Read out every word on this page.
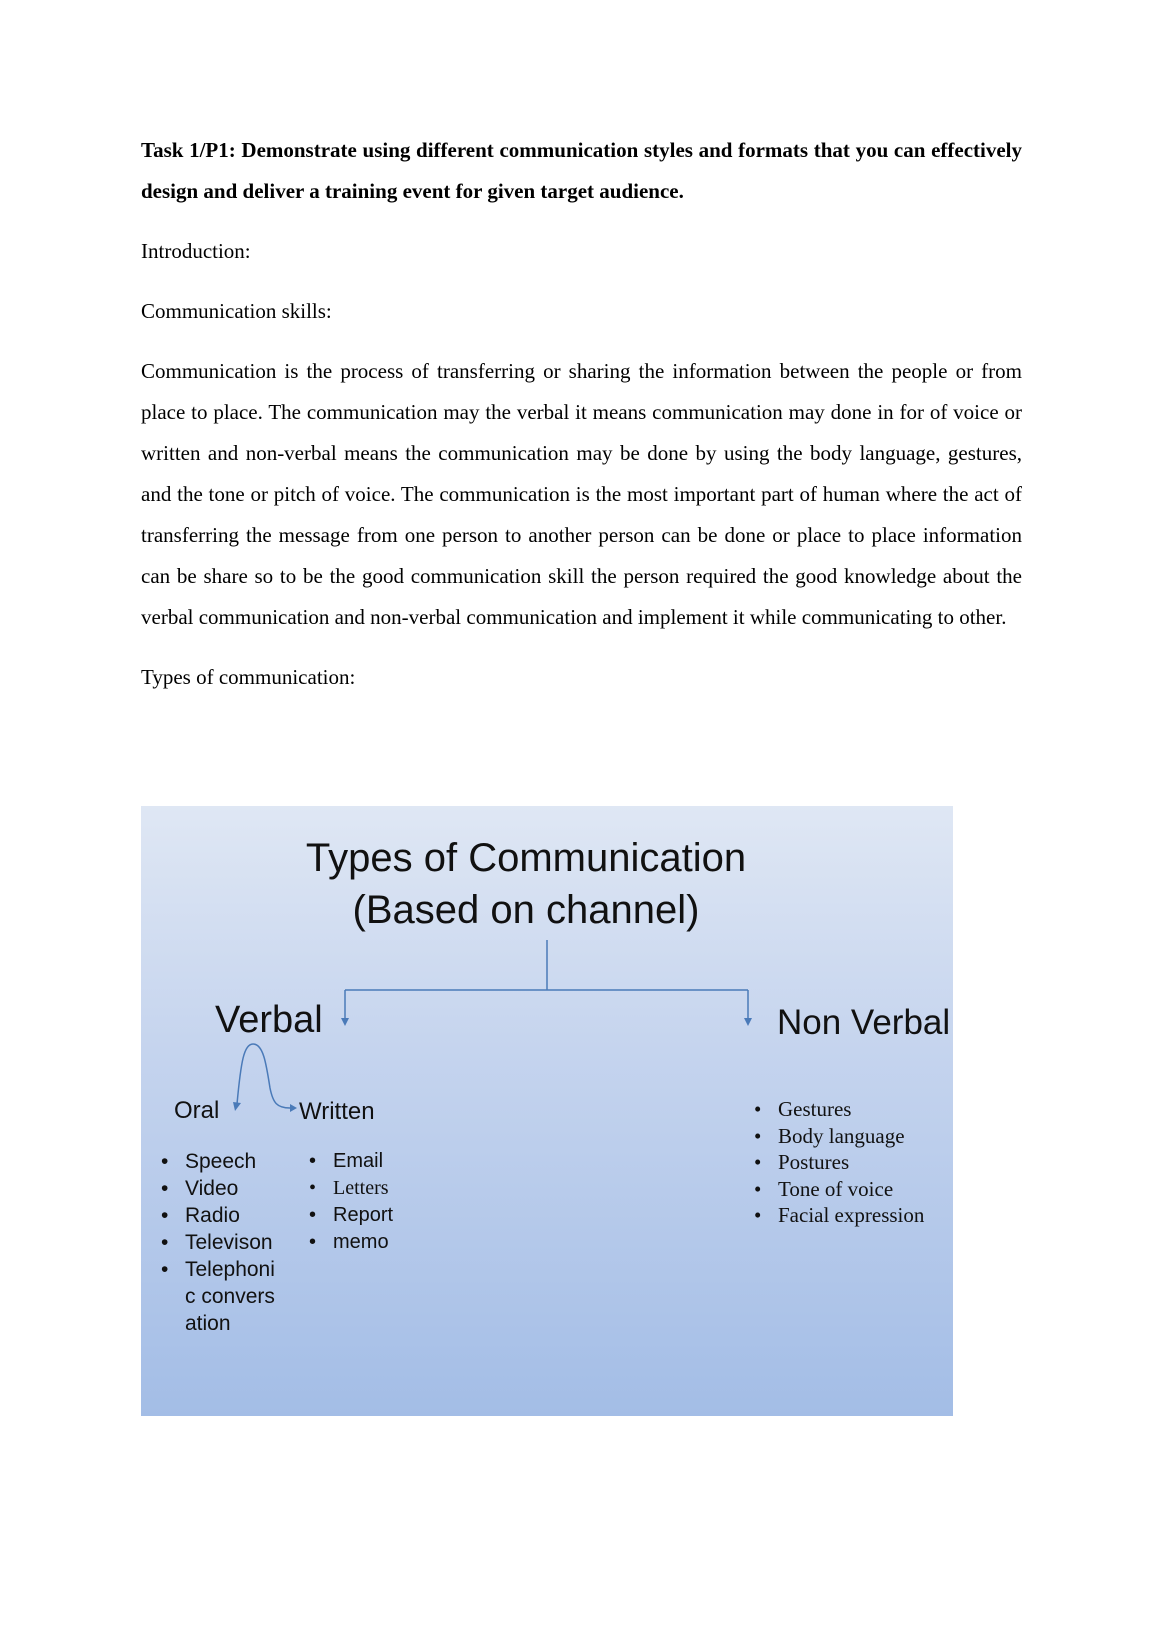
Task 1/P1: Demonstrate using different communication styles and formats that you can effectively design and deliver a training event for given target audience.

Introduction:

Communication skills:

Communication is the process of transferring or sharing the information between the people or from place to place. The communication may the verbal it means communication may done in for of voice or written and non-verbal means the communication may be done by using the body language, gestures, and the tone or pitch of voice. The communication is the most important part of human where the act of transferring the message from one person to another person can be done or place to place information can be share so to be the good communication skill the person required the good knowledge about the verbal communication and non-verbal communication and implement it while communicating to other.

Types of communication:

Types of Communication
(Based on channel)
Verbal	Non Verbal
Oral	Written
• Speech
• Video
• Radio
• Televison
• Telephonic conversation
• Email
• Letters
• Report
• memo
• Gestures
• Body language
• Postures
• Tone of voice
• Facial expression
